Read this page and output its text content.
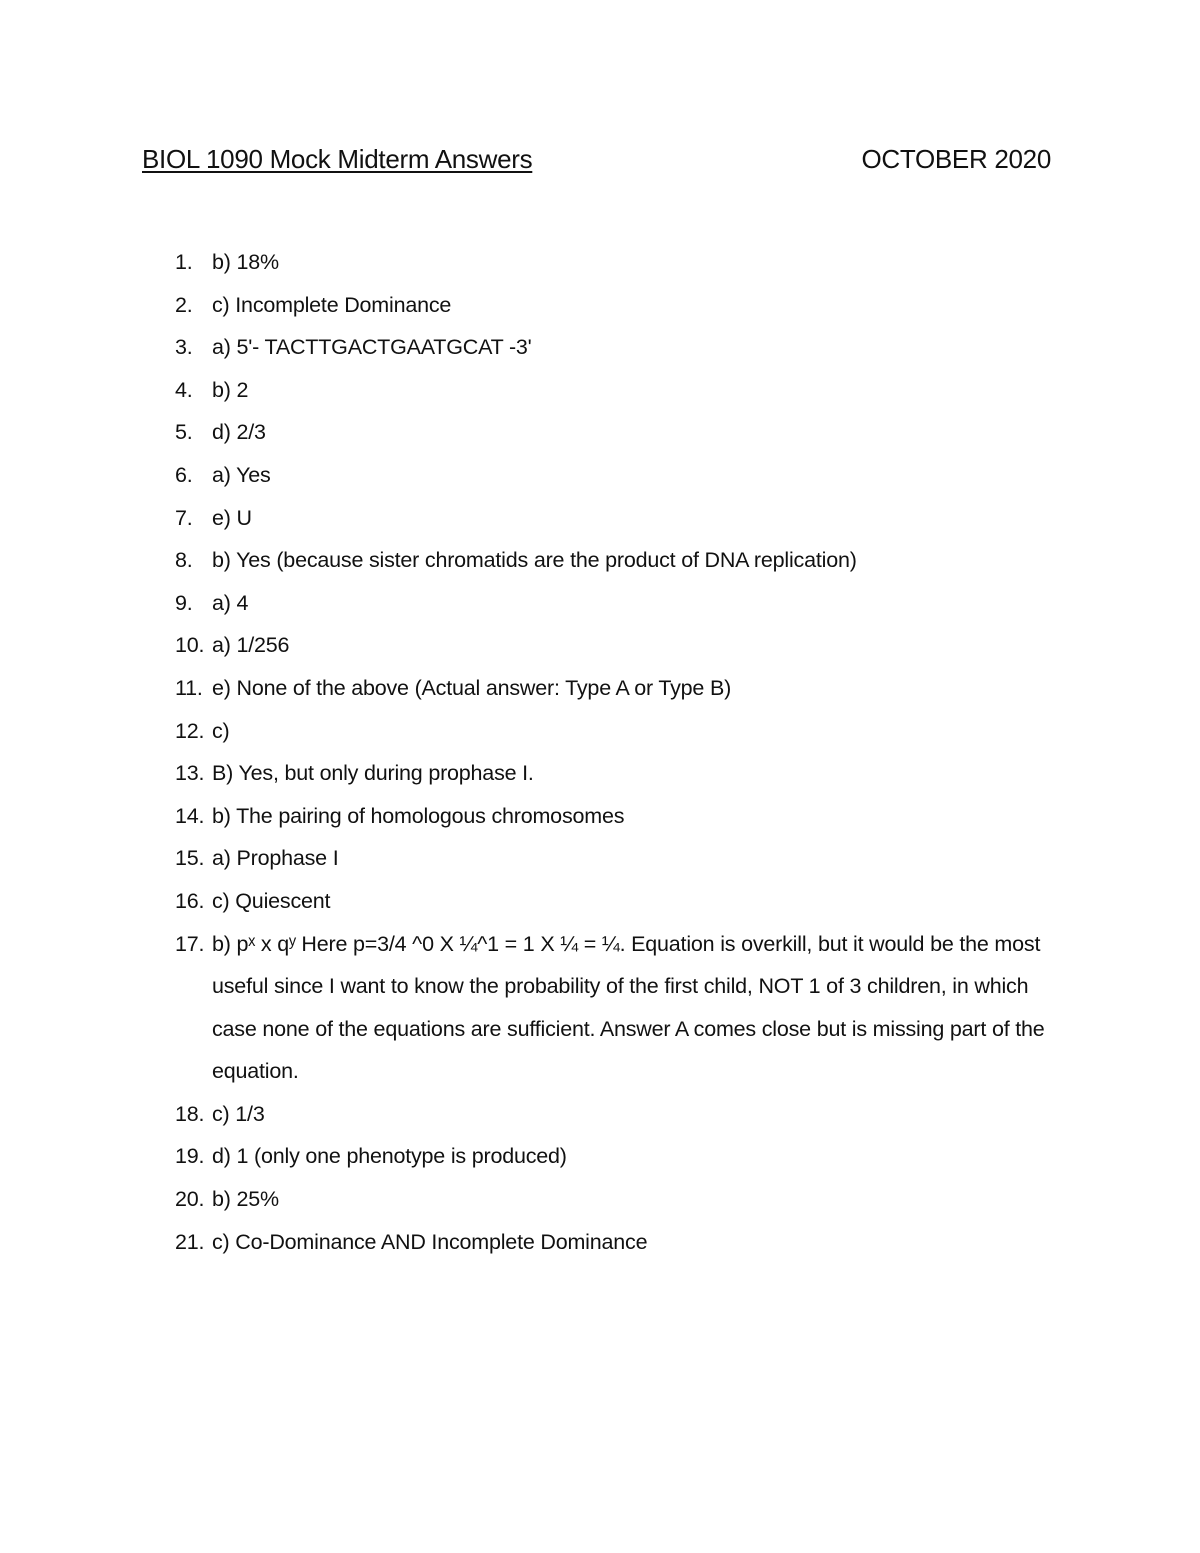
BIOL 1090 Mock Midterm Answers	OCTOBER 2020
1. b) 18%
2. c) Incomplete Dominance
3. a) 5'- TACTTGACTGAATGCAT -3'
4. b) 2
5. d) 2/3
6. a) Yes
7. e) U
8. b) Yes (because sister chromatids are the product of DNA replication)
9. a) 4
10. a) 1/256
11. e) None of the above (Actual answer: Type A or Type B)
12. c)
13. B) Yes, but only during prophase I.
14. b) The pairing of homologous chromosomes
15. a) Prophase I
16. c) Quiescent
17. b) pˣ x qʸ Here p=3/4 ^0 X ¼^1 = 1 X ¼ = ¼. Equation is overkill, but it would be the most useful since I want to know the probability of the first child, NOT 1 of 3 children, in which case none of the equations are sufficient. Answer A comes close but is missing part of the equation.
18. c) 1/3
19. d) 1 (only one phenotype is produced)
20. b) 25%
21. c) Co-Dominance AND Incomplete Dominance
